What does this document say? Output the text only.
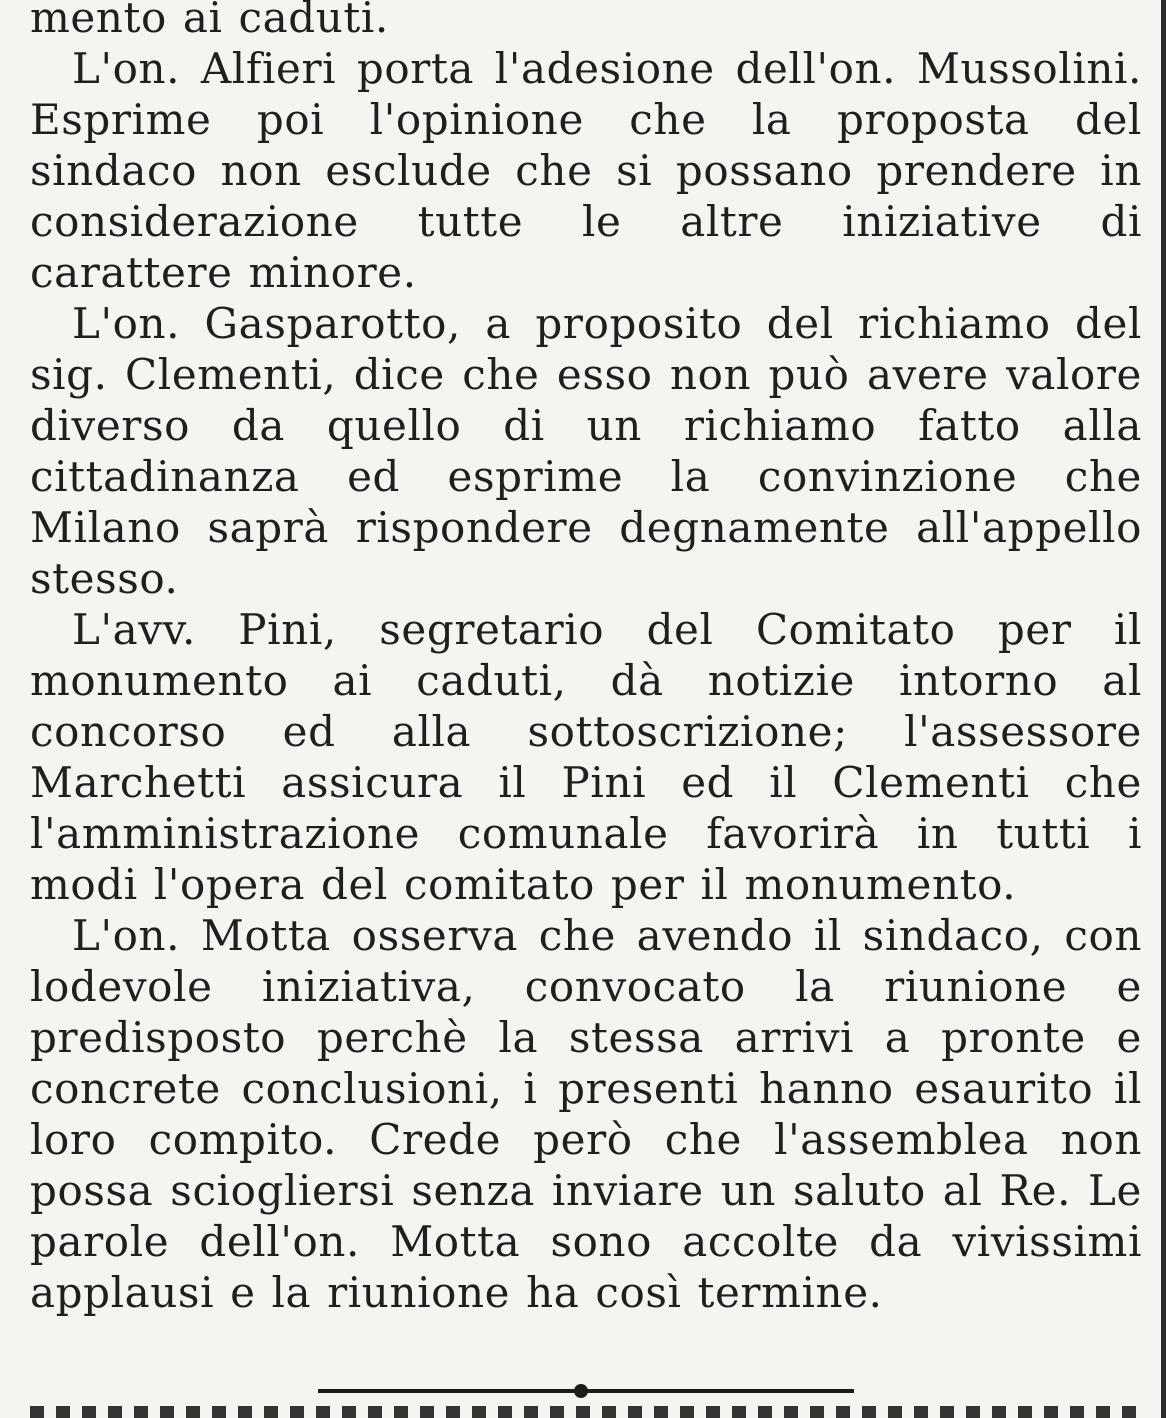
mento ai caduti.

L'on. Alfieri porta l'adesione dell'on. Mussolini. Esprime poi l'opinione che la proposta del sindaco non esclude che si possano prendere in considerazione tutte le altre iniziative di carattere minore.

L'on. Gasparotto, a proposito del richiamo del sig. Clementi, dice che esso non può avere valore diverso da quello di un richiamo fatto alla cittadinanza ed esprime la convinzione che Milano saprà rispondere degnamente all'appello stesso.

L'avv. Pini, segretario del Comitato per il monumento ai caduti, dà notizie intorno al concorso ed alla sottoscrizione; l'assessore Marchetti assicura il Pini ed il Clementi che l'amministrazione comunale favorirà in tutti i modi l'opera del comitato per il monumento.

L'on. Motta osserva che avendo il sindaco, con lodevole iniziativa, convocato la riunione e predisposto perchè la stessa arrivi a pronte e concrete conclusioni, i presenti hanno esaurito il loro compito. Crede però che l'assemblea non possa sciogliersi senza inviare un saluto al Re. Le parole dell'on. Motta sono accolte da vivissimi applausi e la riunione ha così termine.
